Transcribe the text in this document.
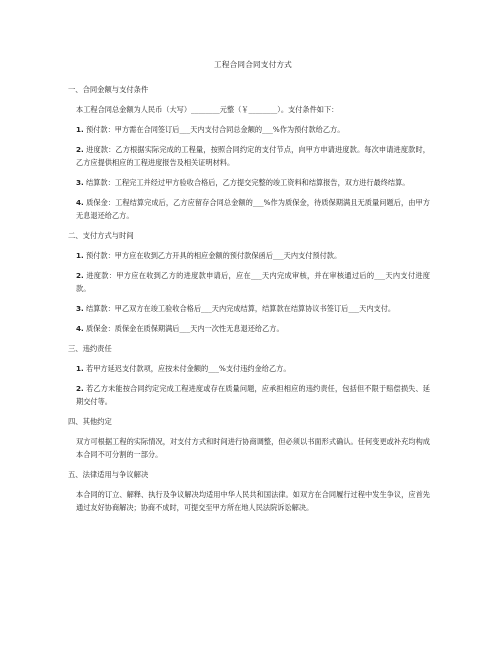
工程合同合同支付方式
一、合同金额与支付条件

本工程合同总金额为人民币（大写）________元整（￥________）。支付条件如下：

1. 预付款：甲方需在合同签订后___天内支付合同总金额的___%作为预付款给乙方。

2. 进度款：乙方根据实际完成的工程量，按照合同约定的支付节点，向甲方申请进度款。每次申请进度款时，乙方应提供相应的工程进度报告及相关证明材料。

3. 结算款：工程完工并经过甲方验收合格后，乙方提交完整的竣工资料和结算报告，双方进行最终结算。

4. 质保金：工程结算完成后，乙方应留存合同总金额的___%作为质保金，待质保期满且无质量问题后，由甲方无息退还给乙方。

二、支付方式与时间

1. 预付款：甲方应在收到乙方开具的相应金额的预付款保函后___天内支付预付款。

2. 进度款：甲方应在收到乙方的进度款申请后，应在___天内完成审核，并在审核通过后的___天内支付进度款。

3. 结算款：甲乙双方在竣工验收合格后___天内完成结算，结算款在结算协议书签订后___天内支付。

4. 质保金：质保金在质保期满后___天内一次性无息退还给乙方。

三、违约责任

1. 若甲方延迟支付款项，应按未付金额的___%支付违约金给乙方。

2. 若乙方未能按合同约定完成工程进度或存在质量问题，应承担相应的违约责任，包括但不限于赔偿损失、延期交付等。

四、其他约定

双方可根据工程的实际情况，对支付方式和时间进行协商调整，但必须以书面形式确认。任何变更或补充均构成本合同不可分割的一部分。

五、法律适用与争议解决

本合同的订立、解释、执行及争议解决均适用中华人民共和国法律。如双方在合同履行过程中发生争议，应首先通过友好协商解决；协商不成时，可提交至甲方所在地人民法院诉讼解决。
